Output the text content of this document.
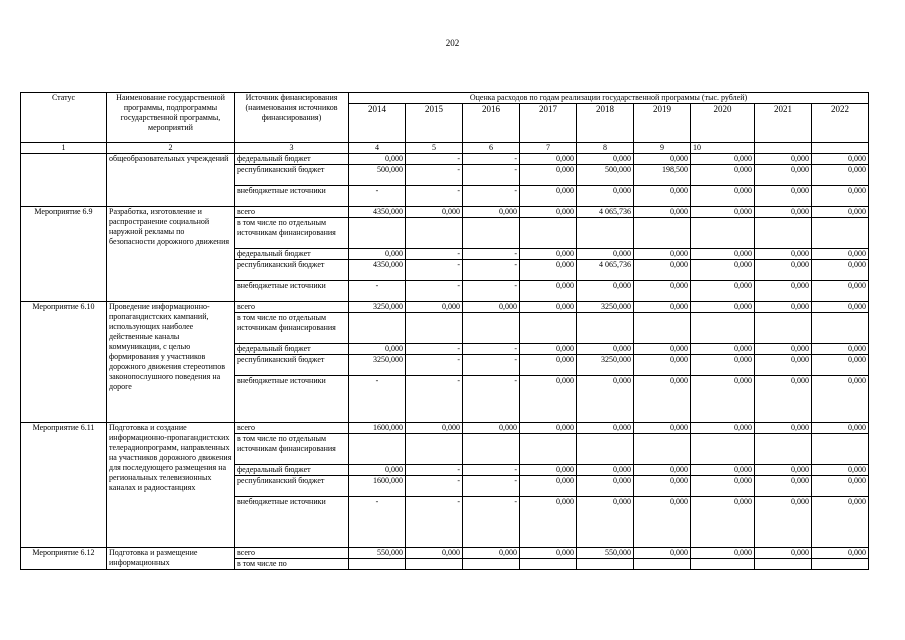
202
Статус	Наименование государственной программы, подпрограммы государственной программы, мероприятий	Источник финансирования (наименования источников финансирования)	Оценка расходов по годам реализации государственной программы (тыс. рублей)								
			2014	2015	2016	2017	2018	2019	2020	2021	2022
1	2	3	4	5	6	7	8	9	10		
	общеобразовательных учреждений	федеральный бюджет	0,000	-	-	0,000	0,000	0,000	0,000	0,000	0,000
		республиканский бюджет	500,000	-	-	0,000	500,000	198,500	0,000	0,000	0,000
		внебюджетные источники	-	-	-	0,000	0,000	0,000	0,000	0,000	0,000
Мероприятие 6.9	Разработка, изготовление и распространение социальной наружной рекламы по безопасности дорожного движения	всего	4350,000	0,000	0,000	0,000	4 065,736	0,000	0,000	0,000	0,000
		в том числе по отдельным источникам финансирования									
		федеральный бюджет	0,000	-	-	0,000	0,000	0,000	0,000	0,000	0,000
		республиканский бюджет	4350,000	-	-	0,000	4 065,736	0,000	0,000	0,000	0,000
		внебюджетные источники	-	-	-	0,000	0,000	0,000	0,000	0,000	0,000
Мероприятие 6.10	Проведение информационно-пропагандистских кампаний, использующих наиболее действенные каналы коммуникации, с целью формирования у участников дорожного движения стереотипов законопослушного поведения на дороге	всего	3250,000	0,000	0,000	0,000	3250,000	0,000	0,000	0,000	0,000
		в том числе по отдельным источникам финансирования									
		федеральный бюджет	0,000	-	-	0,000	0,000	0,000	0,000	0,000	0,000
		республиканский бюджет	3250,000	-	-	0,000	3250,000	0,000	0,000	0,000	0,000
		внебюджетные источники	-	-	-	0,000	0,000	0,000	0,000	0,000	0,000
Мероприятие 6.11	Подготовка и создание информационно-пропагандистских телерадиопрограмм, направленных на участников дорожного движения для последующего размещения на региональных телевизионных каналах и радиостанциях	всего	1600,000	0,000	0,000	0,000	0,000	0,000	0,000	0,000	0,000
		в том числе по отдельным источникам финансирования									
		федеральный бюджет	0,000	-	-	0,000	0,000	0,000	0,000	0,000	0,000
		республиканский бюджет	1600,000	-	-	0,000	0,000	0,000	0,000	0,000	0,000
		внебюджетные источники	-	-	-	0,000	0,000	0,000	0,000	0,000	0,000
Мероприятие 6.12	Подготовка и размещение информационных	всего	550,000	0,000	0,000	0,000	550,000	0,000	0,000	0,000	0,000
		в том числе по									
